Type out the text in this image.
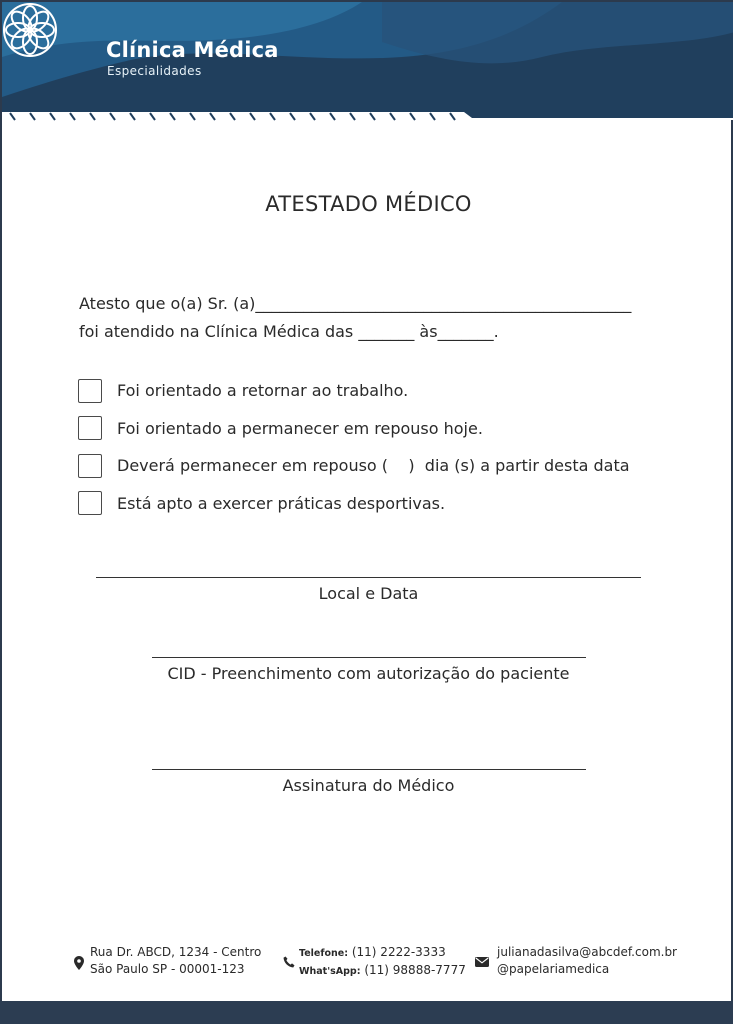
Clínica Médica
Especialidades
ATESTADO MÉDICO
Atesto que o(a) Sr. (a)_______________________________________________
foi atendido na Clínica Médica das _______ às_______.
Foi orientado a retornar ao trabalho.
Foi orientado a permanecer em repouso hoje.
Deverá permanecer em repouso (    )  dia (s) a partir desta data
Está apto a exercer práticas desportivas.
Local e Data
CID - Preenchimento com autorização do paciente
Assinatura do Médico
Rua Dr. ABCD, 1234 - Centro
São Paulo SP - 00001-123
Telefone: (11) 2222-3333
What'sApp: (11) 98888-7777
julianadasilva@abcdef.com.br
@papelariamedica
